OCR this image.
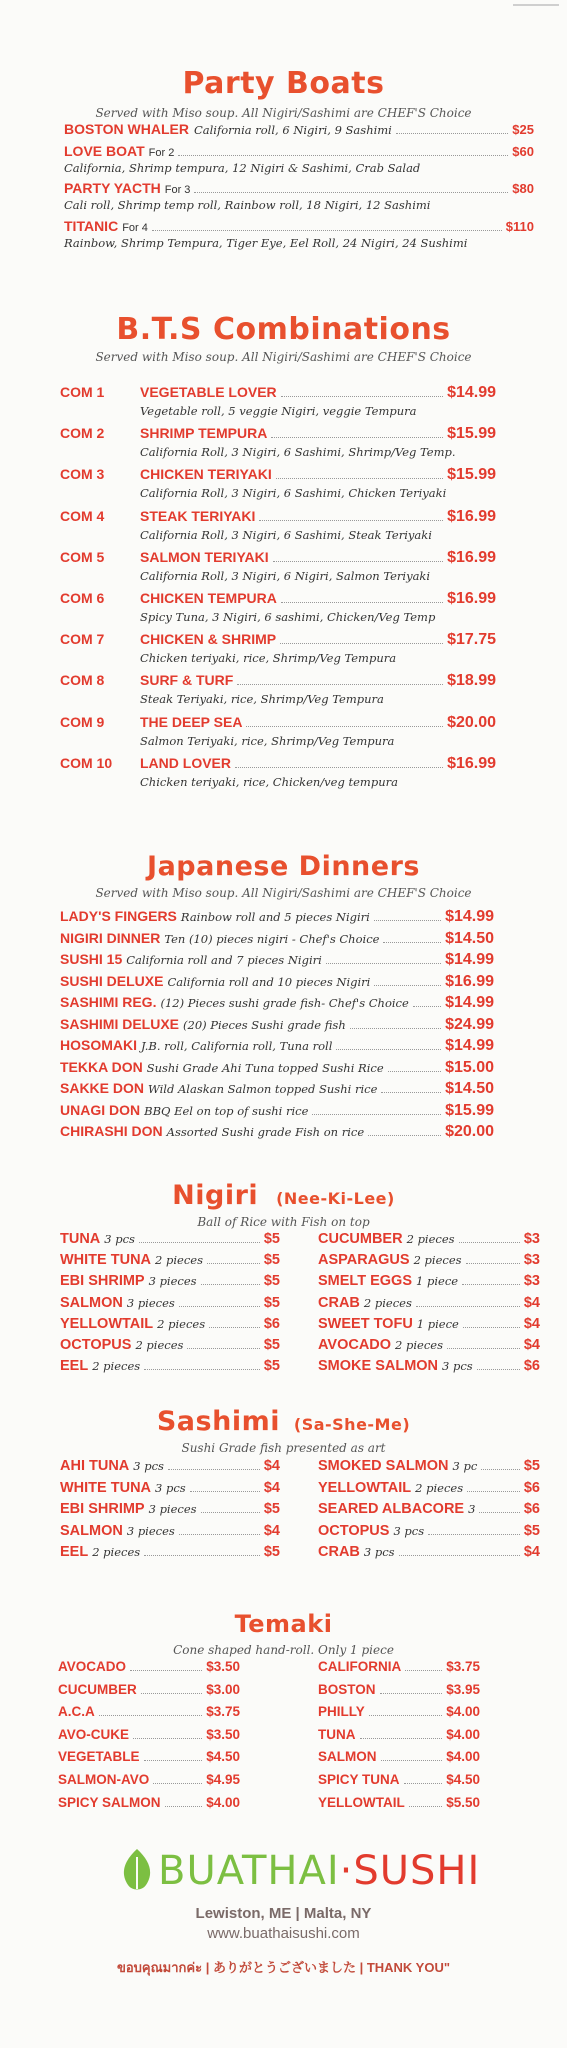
Party Boats
Served with Miso soup. All Nigiri/Sashimi are CHEF'S Choice
BOSTON WHALER California roll, 6 Nigiri, 9 Sashimi	$25
LOVE BOAT For 2	$60
California, Shrimp tempura, 12 Nigiri & Sashimi, Crab Salad
PARTY YACTH For 3	$80
Cali roll, Shrimp temp roll, Rainbow roll, 18 Nigiri, 12 Sashimi
TITANIC For 4	$110
Rainbow, Shrimp Tempura, Tiger Eye, Eel Roll, 24 Nigiri, 24 Sushimi
B.T.S Combinations
Served with Miso soup. All Nigiri/Sashimi are CHEF'S Choice
COM 1	VEGETABLE LOVER	$14.99
Vegetable roll, 5 veggie Nigiri, veggie Tempura
COM 2	SHRIMP TEMPURA	$15.99
California Roll, 3 Nigiri, 6 Sashimi, Shrimp/Veg Temp.
COM 3	CHICKEN TERIYAKI	$15.99
California Roll, 3 Nigiri, 6 Sashimi, Chicken Teriyaki
COM 4	STEAK TERIYAKI	$16.99
California Roll, 3 Nigiri, 6 Sashimi, Steak Teriyaki
COM 5	SALMON TERIYAKI	$16.99
California Roll, 3 Nigiri, 6 Nigiri, Salmon Teriyaki
COM 6	CHICKEN TEMPURA	$16.99
Spicy Tuna, 3 Nigiri, 6 sashimi, Chicken/Veg Temp
COM 7	CHICKEN & SHRIMP	$17.75
Chicken teriyaki, rice, Shrimp/Veg Tempura
COM 8	SURF & TURF	$18.99
Steak Teriyaki, rice, Shrimp/Veg Tempura
COM 9	THE DEEP SEA	$20.00
Salmon Teriyaki, rice, Shrimp/Veg Tempura
COM 10 LAND LOVER	$16.99
Chicken teriyaki, rice, Chicken/veg tempura
Japanese Dinners
Served with Miso soup. All Nigiri/Sashimi are CHEF'S Choice
LADY'S FINGERS Rainbow roll and 5 pieces Nigiri	$14.99
NIGIRI DINNER Ten (10) pieces nigiri - Chef's Choice	$14.50
SUSHI 15 California roll and 7 pieces Nigiri	$14.99
SUSHI DELUXE California roll and 10 pieces Nigiri	$16.99
SASHIMI REG. (12) Pieces sushi grade fish- Chef's Choice $14.99
SASHIMI DELUXE (20) Pieces Sushi grade fish	$24.99
HOSOMAKI J.B. roll, California roll, Tuna roll	$14.99
TEKKA DON Sushi Grade Ahi Tuna topped Sushi Rice	$15.00
SAKKE DON Wild Alaskan Salmon topped Sushi rice	$14.50
UNAGI DON BBQ Eel on top of sushi rice	$15.99
CHIRASHI DON Assorted Sushi grade Fish on rice	$20.00
Nigiri (Nee-Ki-Lee)
Ball of Rice with Fish on top
TUNA 3 pcs	$5
WHITE TUNA 2 pieces	$5
EBI SHRIMP 3 pieces	$5
SALMON 3 pieces	$5
YELLOWTAIL 2 pieces	$6
OCTOPUS 2 pieces	$5
EEL 2 pieces	$5
CUCUMBER 2 pieces	$3
ASPARAGUS 2 pieces	$3
SMELT EGGS 1 piece	$3
CRAB 2 pieces	$4
SWEET TOFU 1 piece	$4
AVOCADO 2 pieces	$4
SMOKE SALMON 3 pcs	$6
Sashimi (Sa-She-Me)
Sushi Grade fish presented as art
AHI TUNA 3 pcs	$4
WHITE TUNA 3 pcs	$4
EBI SHRIMP 3 pieces	$5
SALMON 3 pieces	$4
EEL 2 pieces	$5
SMOKED SALMON 3 pc	$5
YELLOWTAIL 2 pieces	$6
SEARED ALBACORE 3	$6
OCTOPUS 3 pcs	$5
CRAB 3 pcs	$4
Temaki
Cone shaped hand-roll. Only 1 piece
AVOCADO	$3.50
CUCUMBER	$3.00
A.C.A	$3.75
AVO-CUKE	$3.50
VEGETABLE	$4.50
SALMON-AVO	$4.95
SPICY SALMON	$4.00
CALIFORNIA	$3.75
BOSTON	$3.95
PHILLY	$4.00
TUNA	$4.00
SALMON	$4.00
SPICY TUNA	$4.50
YELLOWTAIL	$5.50
BUATHAI·SUSHI
Lewiston, ME | Malta, NY
www.buathaisushi.com
ขอบคุณมากค่ะ | ありがとうございました | THANK YOU"
